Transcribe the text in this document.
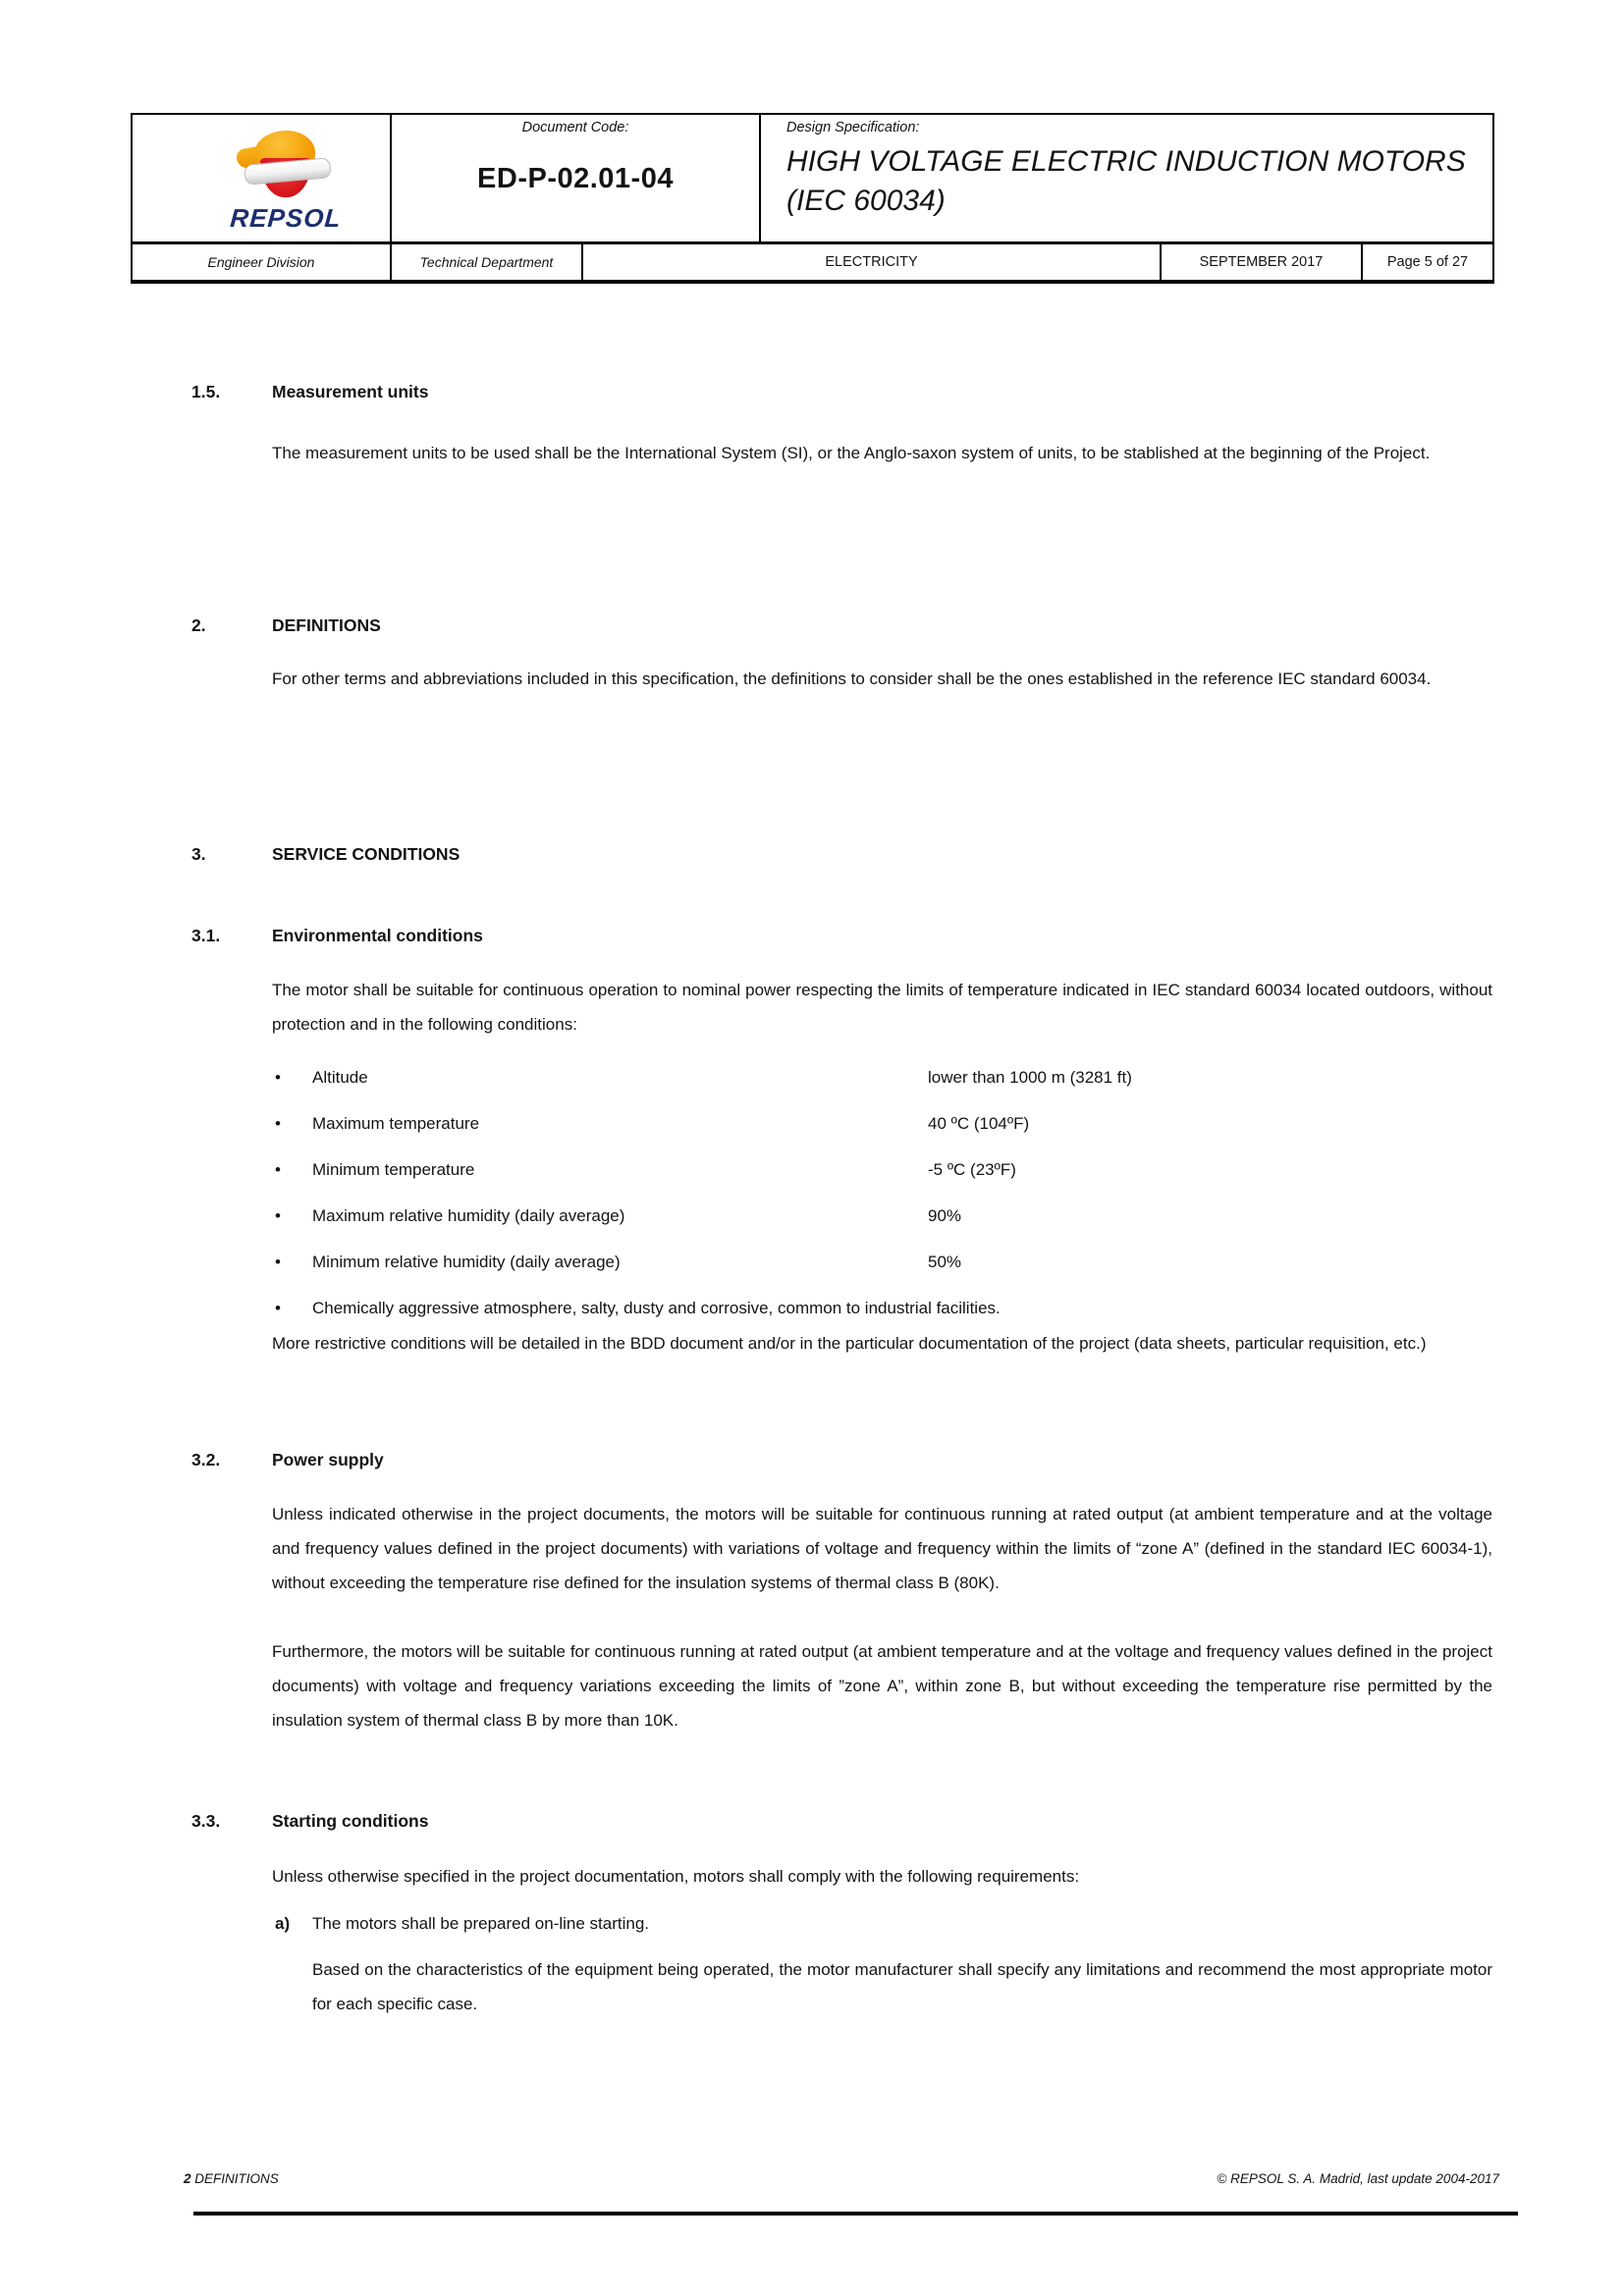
REPSOL
Document Code:
ED-P-02.01-04
Design Specification:
HIGH VOLTAGE ELECTRIC INDUCTION MOTORS (IEC 60034)
Engineer Division	Technical Department	ELECTRICITY	SEPTEMBER 2017	Page 5 of 27
1.5.	Measurement units
The measurement units to be used shall be the International System (SI), or the Anglo-saxon system of units, to be stablished at the beginning of the Project.
2.	DEFINITIONS
For other terms and abbreviations included in this specification, the definitions to consider shall be the ones established in the reference IEC standard 60034.
3.	SERVICE CONDITIONS
3.1.	Environmental conditions
The motor shall be suitable for continuous operation to nominal power respecting the limits of temperature indicated in IEC standard 60034 located outdoors, without protection and in the following conditions:
•
Altitude	lower than 1000 m (3281 ft)
•
Maximum temperature	40 ºC (104ºF)
•
Minimum temperature	-5 ºC (23ºF)
•
Maximum relative humidity (daily average)	90%
•
Minimum relative humidity (daily average)	50%
•
Chemically aggressive atmosphere, salty, dusty and corrosive, common to industrial facilities.
More restrictive conditions will be detailed in the BDD document and/or in the particular documentation of the project (data sheets, particular requisition, etc.)
3.2.	Power supply
Unless indicated otherwise in the project documents, the motors will be suitable for continuous running at rated output (at ambient temperature and at the voltage and frequency values defined in the project documents) with variations of voltage and frequency within the limits of “zone A” (defined in the standard IEC 60034-1), without exceeding the temperature rise defined for the insulation systems of thermal class B (80K).
Furthermore, the motors will be suitable for continuous running at rated output (at ambient temperature and at the voltage and frequency values defined in the project documents) with voltage and frequency variations exceeding the limits of ”zone A”, within zone B, but without exceeding the temperature rise permitted by the insulation system of thermal class B by more than 10K.
3.3.	Starting conditions
Unless otherwise specified in the project documentation, motors shall comply with the following requirements:
a) The motors shall be prepared on-line starting.
Based on the characteristics of the equipment being operated, the motor manufacturer shall specify any limitations and recommend the most appropriate motor for each specific case.
2 DEFINITIONS	© REPSOL S. A. Madrid, last update 2004-2017
